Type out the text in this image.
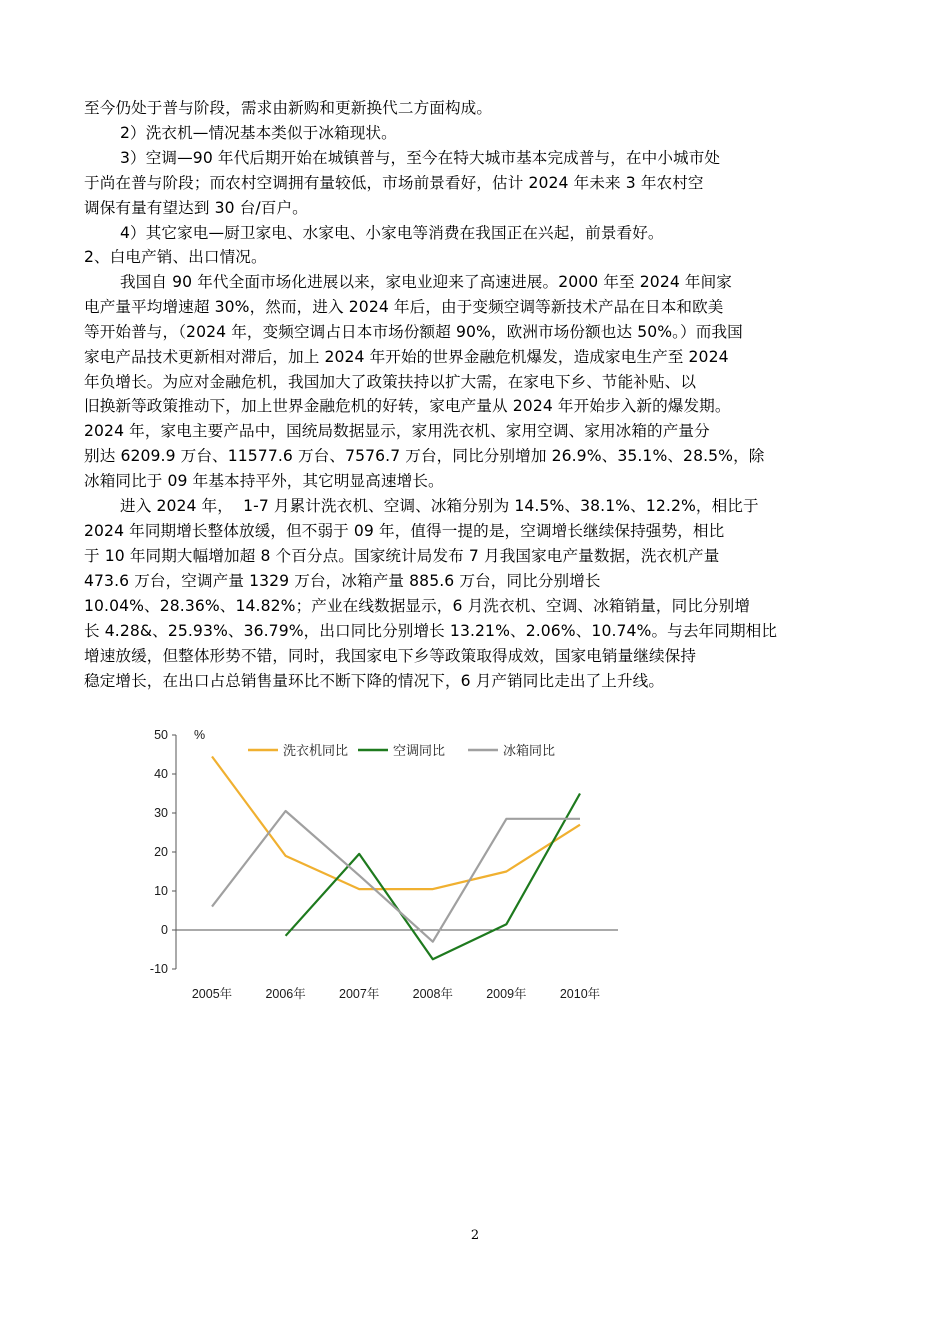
至今仍处于普与阶段，需求由新购和更新换代二方面构成。
2）洗衣机—情况基本类似于冰箱现状。
3）空调—90 年代后期开始在城镇普与，至今在特大城市基本完成普与，在中小城市处
于尚在普与阶段；而农村空调拥有量较低，市场前景看好，估计 2024 年未来 3 年农村空
调保有量有望达到 30 台/百户。
4）其它家电—厨卫家电、水家电、小家电等消费在我国正在兴起，前景看好。
2、白电产销、出口情况。
我国自 90 年代全面市场化进展以来，家电业迎来了高速进展。2000 年至 2024 年间家
电产量平均增速超 30%，然而，进入 2024 年后，由于变频空调等新技术产品在日本和欧美
等开始普与，（2024 年，变频空调占日本市场份额超 90%，欧洲市场份额也达 50%。）而我国
家电产品技术更新相对滞后，加上 2024 年开始的世界金融危机爆发，造成家电生产至 2024
年负增长。为应对金融危机，我国加大了政策扶持以扩大需，在家电下乡、节能补贴、以
旧换新等政策推动下，加上世界金融危机的好转，家电产量从 2024 年开始步入新的爆发期。
2024 年，家电主要产品中，国统局数据显示，家用洗衣机、家用空调、家用冰箱的产量分
别达 6209.9 万台、11577.6 万台、7576.7 万台，同比分别增加 26.9%、35.1%、28.5%，除
冰箱同比于 09 年基本持平外，其它明显高速增长。
进入 2024 年，  1-7 月累计洗衣机、空调、冰箱分别为 14.5%、38.1%、12.2%，相比于
2024 年同期增长整体放缓，但不弱于 09 年，值得一提的是，空调增长继续保持强势，相比
于 10 年同期大幅增加超 8 个百分点。国家统计局发布 7 月我国家电产量数据，洗衣机产量
473.6 万台，空调产量 1329 万台，冰箱产量 885.6 万台，同比分别增长
10.04%、28.36%、14.82%；产业在线数据显示，6 月洗衣机、空调、冰箱销量，同比分别增
长 4.28&、25.93%、36.79%，出口同比分别增长 13.21%、2.06%、10.74%。与去年同期相比
增速放缓，但整体形势不错，同时，我国家电下乡等政策取得成效，国家电销量继续保持
稳定增长，在出口占总销售量环比不断下降的情况下，6 月产销同比走出了上升线。
50
40
30
20
10
0
-10
%
2005年	2006年	2007年	2008年	2009年	2010年
洗衣机同比	空调同比	冰箱同比
2
